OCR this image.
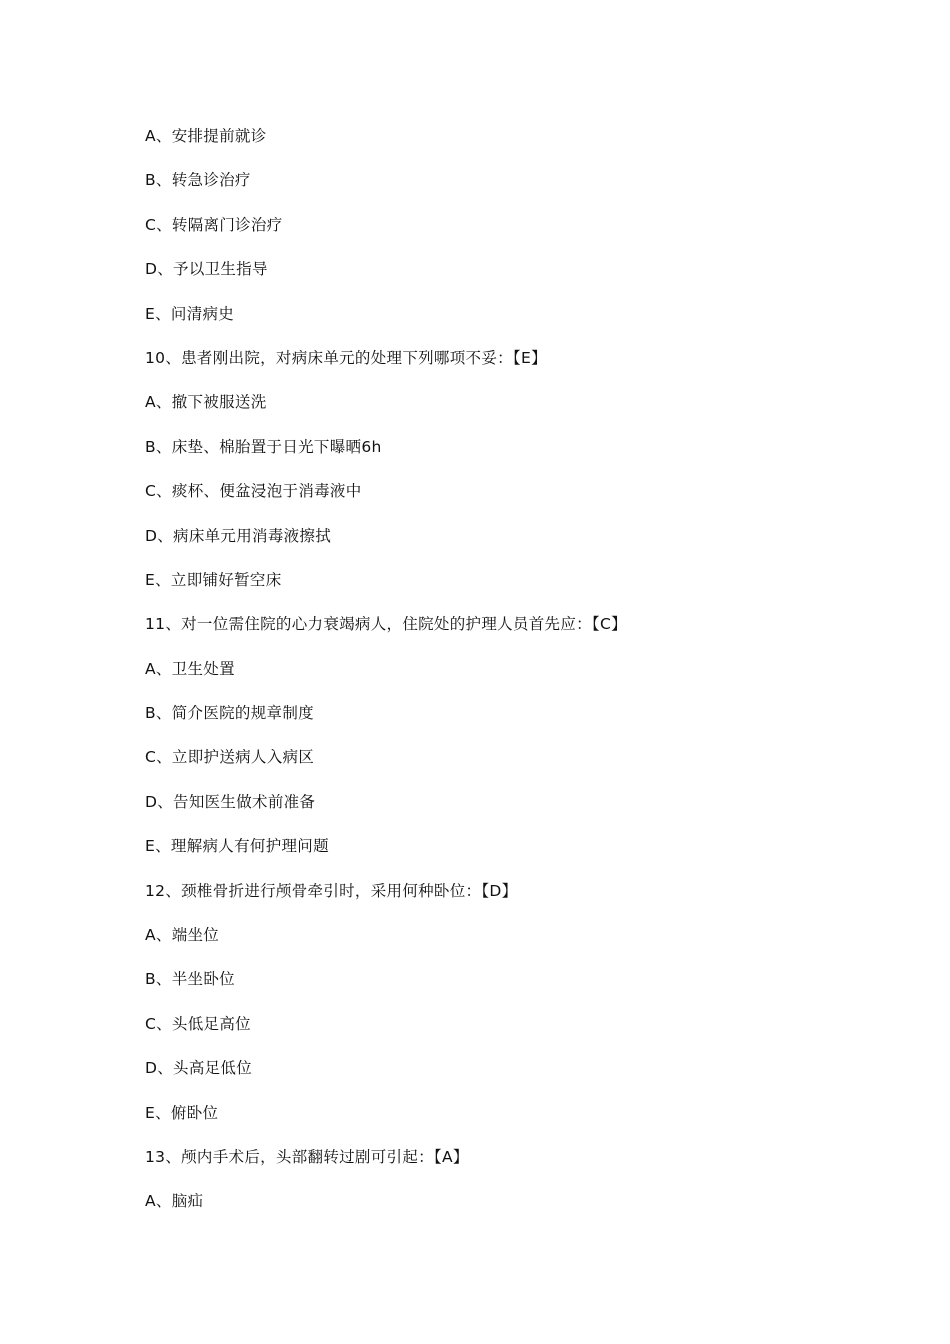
A、安排提前就诊
B、转急诊治疗
C、转隔离门诊治疗
D、予以卫生指导
E、问清病史
10、患者刚出院，对病床单元的处理下列哪项不妥：【E】
A、撤下被服送洗
B、床垫、棉胎置于日光下曝晒6h
C、痰杯、便盆浸泡于消毒液中
D、病床单元用消毒液擦拭
E、立即铺好暂空床
11、对一位需住院的心力衰竭病人，住院处的护理人员首先应：【C】
A、卫生处置
B、简介医院的规章制度
C、立即护送病人入病区
D、告知医生做术前准备
E、理解病人有何护理问题
12、颈椎骨折进行颅骨牵引时，采用何种卧位：【D】
A、端坐位
B、半坐卧位
C、头低足高位
D、头高足低位
E、俯卧位
13、颅内手术后，头部翻转过剧可引起：【A】
A、脑疝
